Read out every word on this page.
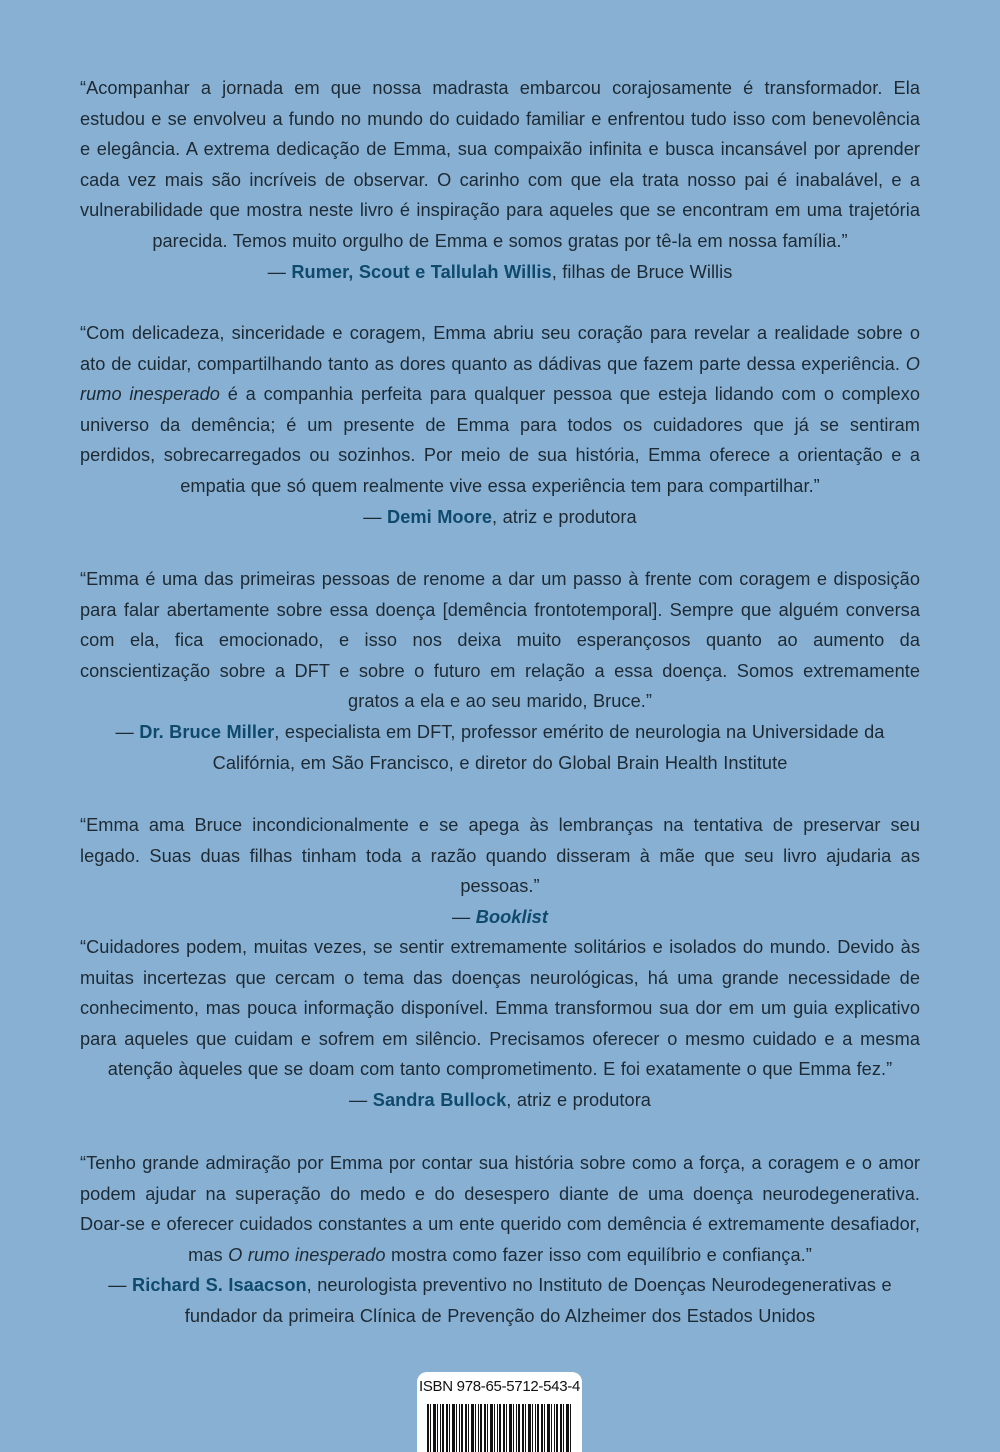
“Acompanhar a jornada em que nossa madrasta embarcou corajosamente é transformador. Ela estudou e se envolveu a fundo no mundo do cuidado familiar e enfrentou tudo isso com benevolência e elegância. A extrema dedicação de Emma, sua compaixão infinita e busca incansável por aprender cada vez mais são incríveis de observar. O carinho com que ela trata nosso pai é inabalável, e a vulnerabilidade que mostra neste livro é inspiração para aqueles que se encontram em uma trajetória parecida. Temos muito orgulho de Emma e somos gratas por tê-la em nossa família.”

— Rumer, Scout e Tallulah Willis, filhas de Bruce Willis

“Com delicadeza, sinceridade e coragem, Emma abriu seu coração para revelar a realidade sobre o ato de cuidar, compartilhando tanto as dores quanto as dádivas que fazem parte dessa experiência. O rumo inesperado é a companhia perfeita para qualquer pessoa que esteja lidando com o complexo universo da demência; é um presente de Emma para todos os cuidadores que já se sentiram perdidos, sobrecarregados ou sozinhos. Por meio de sua história, Emma oferece a orientação e a empatia que só quem realmente vive essa experiência tem para compartilhar.”

— Demi Moore, atriz e produtora

“Emma é uma das primeiras pessoas de renome a dar um passo à frente com coragem e disposição para falar abertamente sobre essa doença [demência frontotemporal]. Sempre que alguém conversa com ela, fica emocionado, e isso nos deixa muito esperançosos quanto ao aumento da conscientização sobre a DFT e sobre o futuro em relação a essa doença. Somos extremamente gratos a ela e ao seu marido, Bruce.”

— Dr. Bruce Miller, especialista em DFT, professor emérito de neurologia na Universidade da Califórnia, em São Francisco, e diretor do Global Brain Health Institute

“Emma ama Bruce incondicionalmente e se apega às lembranças na tentativa de preservar seu legado. Suas duas filhas tinham toda a razão quando disseram à mãe que seu livro ajudaria as pessoas.”

— Booklist

“Cuidadores podem, muitas vezes, se sentir extremamente solitários e isolados do mundo. Devido às muitas incertezas que cercam o tema das doenças neurológicas, há uma grande necessidade de conhecimento, mas pouca informação disponível. Emma transformou sua dor em um guia explicativo para aqueles que cuidam e sofrem em silêncio. Precisamos oferecer o mesmo cuidado e a mesma atenção àqueles que se doam com tanto comprometimento. E foi exatamente o que Emma fez.”

— Sandra Bullock, atriz e produtora

“Tenho grande admiração por Emma por contar sua história sobre como a força, a coragem e o amor podem ajudar na superação do medo e do desespero diante de uma doença neurodegenerativa. Doar-se e oferecer cuidados constantes a um ente querido com demência é extremamente desafiador, mas O rumo inesperado mostra como fazer isso com equilíbrio e confiança.”

— Richard S. Isaacson, neurologista preventivo no Instituto de Doenças Neurodegenerativas e fundador da primeira Clínica de Prevenção do Alzheimer dos Estados Unidos

ISBN 978-65-5712-543-4
